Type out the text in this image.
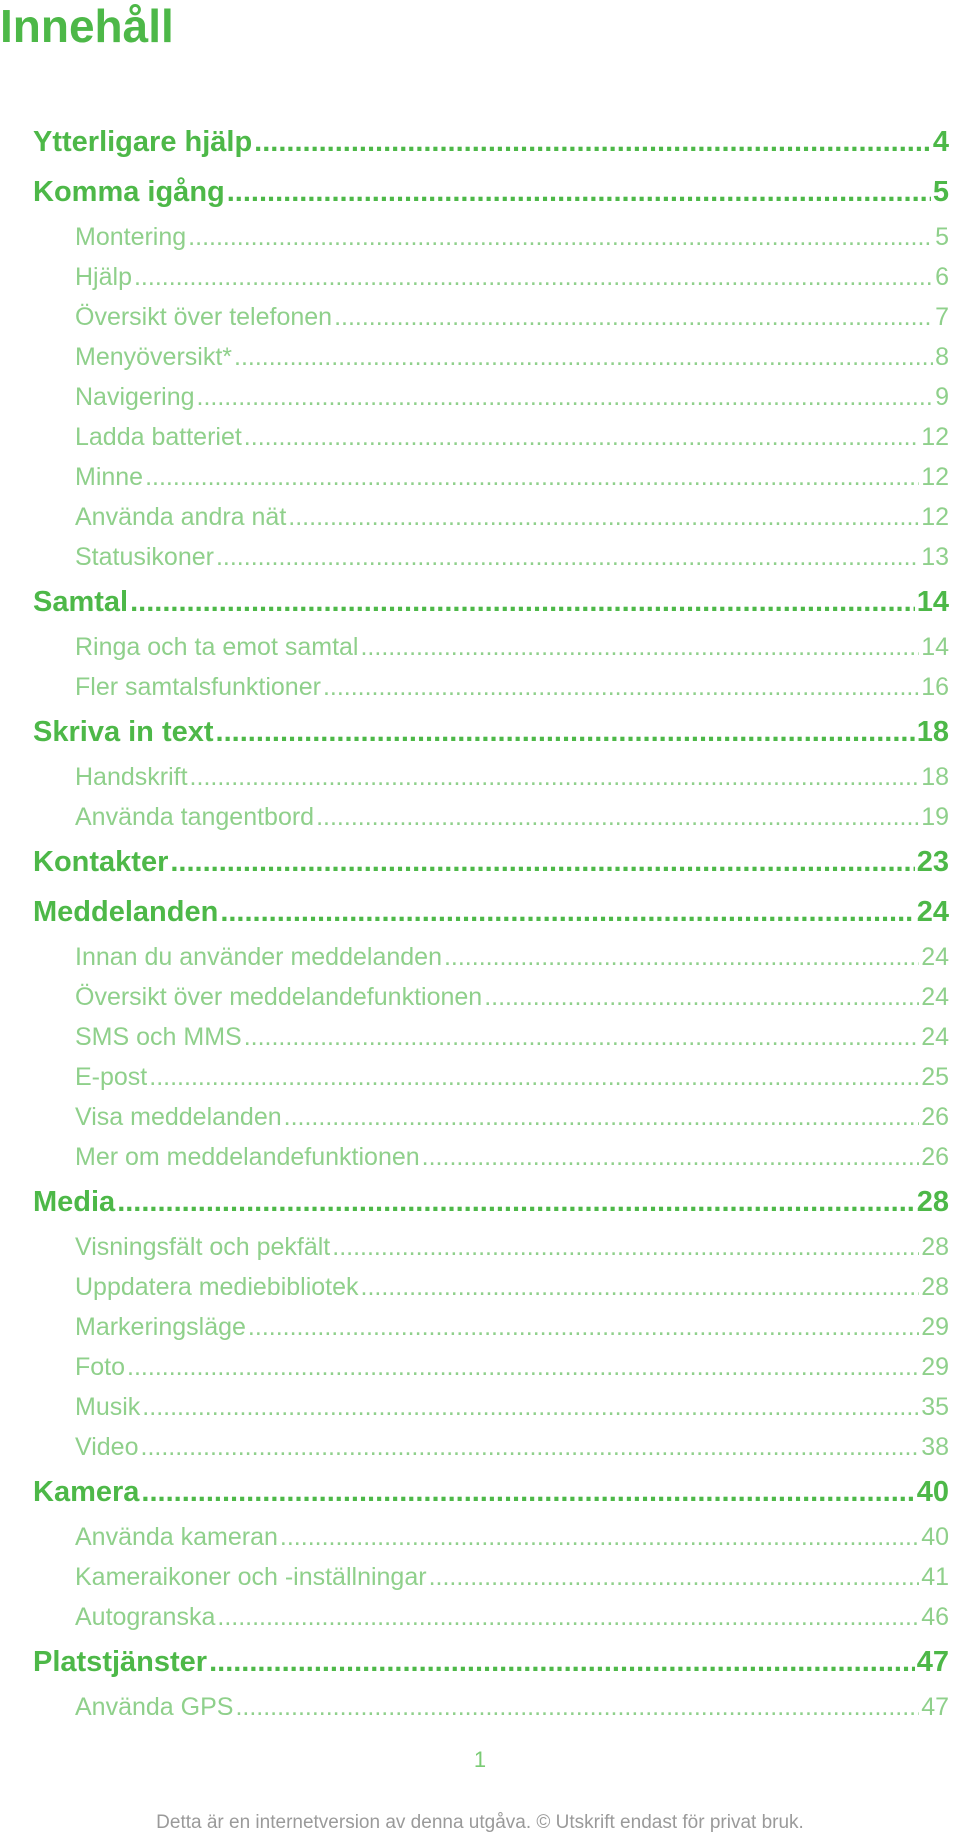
Innehåll
Ytterligare hjälp .....	4
Komma igång .....	5
Montering .....	5
Hjälp .....	6
Översikt över telefonen .....	7
Menyöversikt* .....	8
Navigering .....	9
Ladda batteriet .....	12
Minne .....	12
Använda andra nät .....	12
Statusikoner .....	13
Samtal .....	14
Ringa och ta emot samtal .....	14
Fler samtalsfunktioner .....	16
Skriva in text .....	18
Handskrift .....	18
Använda tangentbord .....	19
Kontakter .....	23
Meddelanden .....	24
Innan du använder meddelanden .....	24
Översikt över meddelandefunktionen .....	24
SMS och MMS .....	24
E-post .....	25
Visa meddelanden .....	26
Mer om meddelandefunktionen .....	26
Media .....	28
Visningsfält och pekfält .....	28
Uppdatera mediebibliotek .....	28
Markeringsläge .....	29
Foto .....	29
Musik .....	35
Video .....	38
Kamera .....	40
Använda kameran .....	40
Kameraikoner och -inställningar .....	41
Autogranska .....	46
Platstjänster .....	47
Använda GPS .....	47
1
Detta är en internetversion av denna utgåva. © Utskrift endast för privat bruk.
